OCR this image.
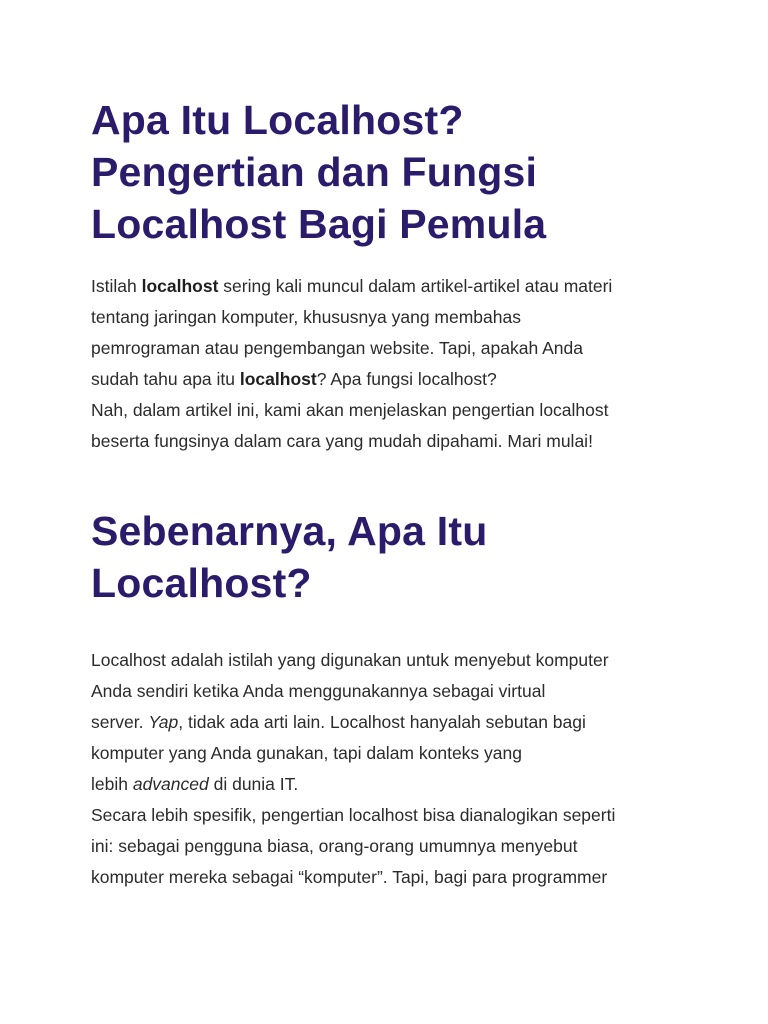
Apa Itu Localhost?
Pengertian dan Fungsi
Localhost Bagi Pemula

Istilah localhost sering kali muncul dalam artikel-artikel atau materi
tentang jaringan komputer, khususnya yang membahas
pemrograman atau pengembangan website. Tapi, apakah Anda
sudah tahu apa itu localhost? Apa fungsi localhost?
Nah, dalam artikel ini, kami akan menjelaskan pengertian localhost
beserta fungsinya dalam cara yang mudah dipahami. Mari mulai!

Sebenarnya, Apa Itu
Localhost?

Localhost adalah istilah yang digunakan untuk menyebut komputer
Anda sendiri ketika Anda menggunakannya sebagai virtual
server. Yap, tidak ada arti lain. Localhost hanyalah sebutan bagi
komputer yang Anda gunakan, tapi dalam konteks yang
lebih advanced di dunia IT.
Secara lebih spesifik, pengertian localhost bisa dianalogikan seperti
ini: sebagai pengguna biasa, orang-orang umumnya menyebut
komputer mereka sebagai “komputer”. Tapi, bagi para programmer
